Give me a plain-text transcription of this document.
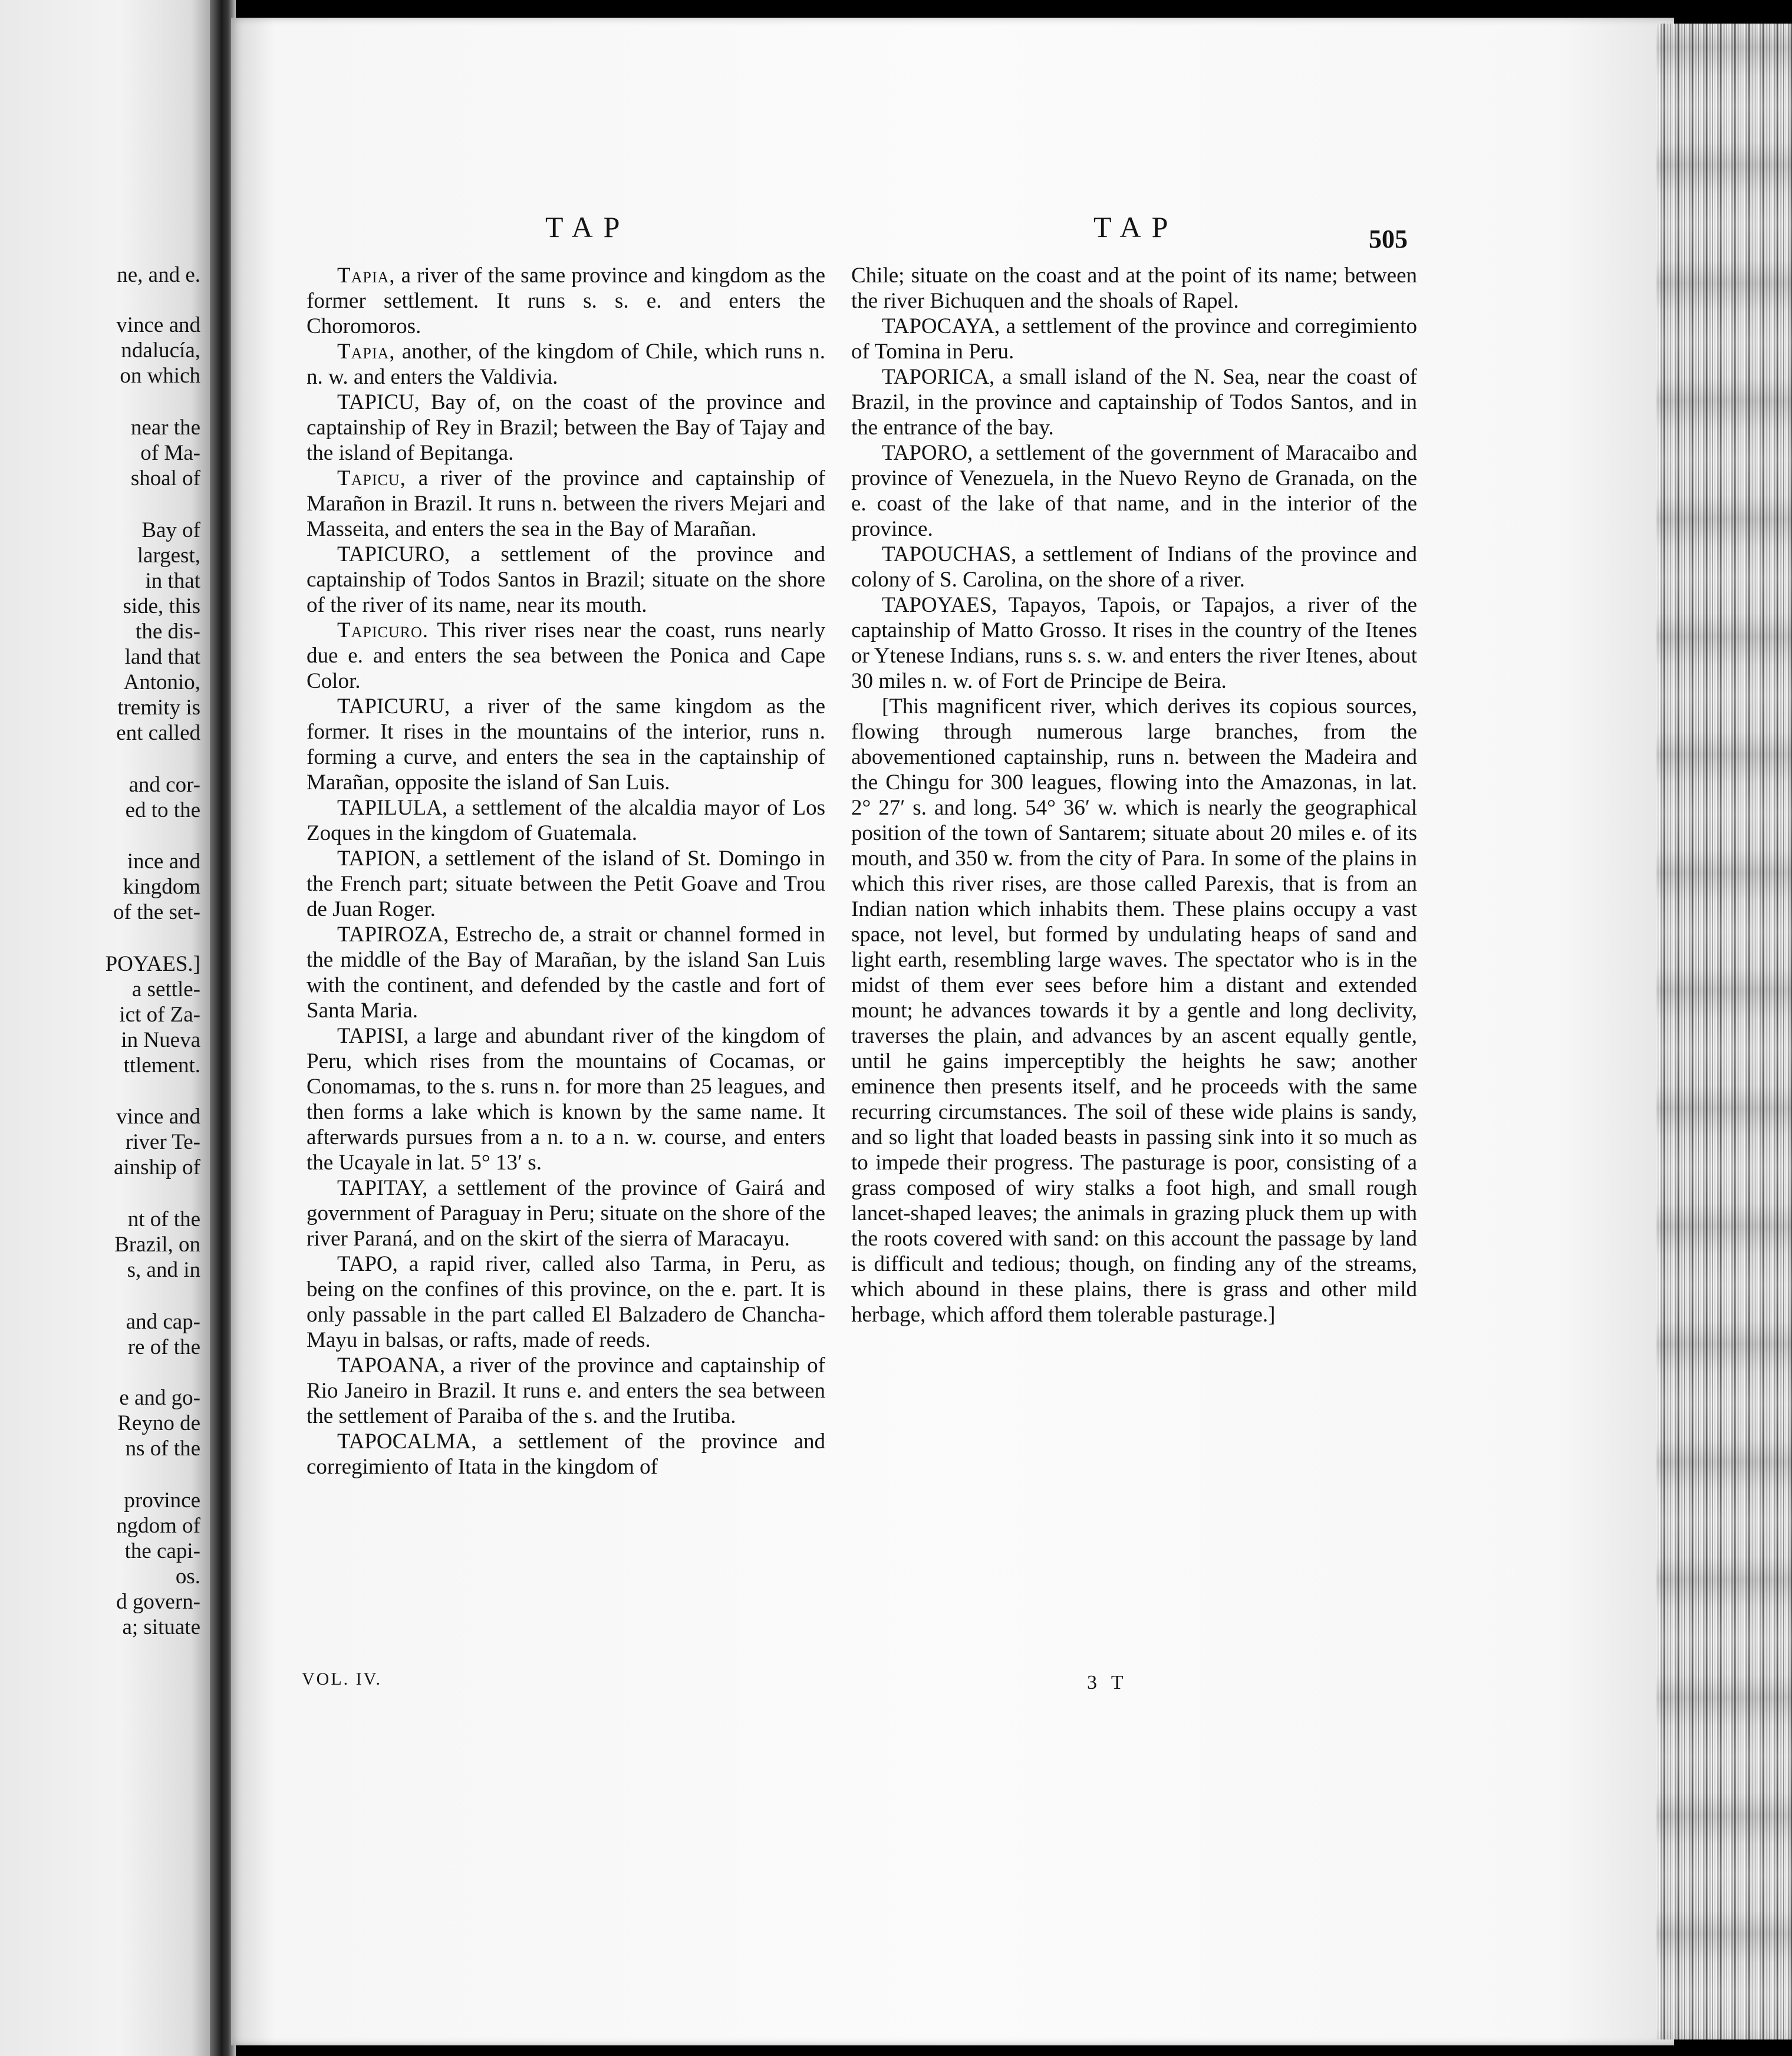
ne, and e.

vince and

ndalucía,

on which

near the

of Ma-

shoal of

Bay of

largest,

in that

side, this

the dis-

land that

Antonio,

tremity is

ent called

and cor-

ed to the

ince and

kingdom

of the set-

POYAES.]

a settle-

ict of Za-

in Nueva

ttlement.

vince and

river Te-

ainship of

nt of the

Brazil, on

s, and in

and cap-

re of the

e and go-

Reyno de

ns of the

province

ngdom of

the capi-

os.

d govern-

a; situate

TAP	TAP	505

Tapia, a river of the same province and kingdom as the former settlement. It runs s. s. e. and enters the Choromoros.

Tapia, another, of the kingdom of Chile, which runs n. n. w. and enters the Valdivia.

TAPICU, Bay of, on the coast of the province and captainship of Rey in Brazil; between the Bay of Tajay and the island of Bepitanga.

Tapicu, a river of the province and captainship of Marañon in Brazil. It runs n. between the rivers Mejari and Masseita, and enters the sea in the Bay of Marañan.

TAPICURO, a settlement of the province and captainship of Todos Santos in Brazil; situate on the shore of the river of its name, near its mouth.

Tapicuro. This river rises near the coast, runs nearly due e. and enters the sea between the Ponica and Cape Color.

TAPICURU, a river of the same kingdom as the former. It rises in the mountains of the interior, runs n. forming a curve, and enters the sea in the captainship of Marañan, opposite the island of San Luis.

TAPILULA, a settlement of the alcaldia mayor of Los Zoques in the kingdom of Guatemala.

TAPION, a settlement of the island of St. Domingo in the French part; situate between the Petit Goave and Trou de Juan Roger.

TAPIROZA, Estrecho de, a strait or channel formed in the middle of the Bay of Marañan, by the island San Luis with the continent, and defended by the castle and fort of Santa Maria.

TAPISI, a large and abundant river of the kingdom of Peru, which rises from the mountains of Cocamas, or Conomamas, to the s. runs n. for more than 25 leagues, and then forms a lake which is known by the same name. It afterwards pursues from a n. to a n. w. course, and enters the Ucayale in lat. 5° 13′ s.

TAPITAY, a settlement of the province of Gairá and government of Paraguay in Peru; situate on the shore of the river Paraná, and on the skirt of the sierra of Maracayu.

TAPO, a rapid river, called also Tarma, in Peru, as being on the confines of this province, on the e. part. It is only passable in the part called El Balzadero de Chancha-Mayu in balsas, or rafts, made of reeds.

TAPOANA, a river of the province and captainship of Rio Janeiro in Brazil. It runs e. and enters the sea between the settlement of Paraiba of the s. and the Irutiba.

TAPOCALMA, a settlement of the province and corregimiento of Itata in the kingdom of

Chile; situate on the coast and at the point of its name; between the river Bichuquen and the shoals of Rapel.

TAPOCAYA, a settlement of the province and corregimiento of Tomina in Peru.

TAPORICA, a small island of the N. Sea, near the coast of Brazil, in the province and captainship of Todos Santos, and in the entrance of the bay.

TAPORO, a settlement of the government of Maracaibo and province of Venezuela, in the Nuevo Reyno de Granada, on the e. coast of the lake of that name, and in the interior of the province.

TAPOUCHAS, a settlement of Indians of the province and colony of S. Carolina, on the shore of a river.

TAPOYAES, Tapayos, Tapois, or Tapajos, a river of the captainship of Matto Grosso. It rises in the country of the Itenes or Ytenese Indians, runs s. s. w. and enters the river Itenes, about 30 miles n. w. of Fort de Principe de Beira.

[This magnificent river, which derives its copious sources, flowing through numerous large branches, from the abovementioned captainship, runs n. between the Madeira and the Chingu for 300 leagues, flowing into the Amazonas, in lat. 2° 27′ s. and long. 54° 36′ w. which is nearly the geographical position of the town of Santarem; situate about 20 miles e. of its mouth, and 350 w. from the city of Para. In some of the plains in which this river rises, are those called Parexis, that is from an Indian nation which inhabits them. These plains occupy a vast space, not level, but formed by undulating heaps of sand and light earth, resembling large waves. The spectator who is in the midst of them ever sees before him a distant and extended mount; he advances towards it by a gentle and long declivity, traverses the plain, and advances by an ascent equally gentle, until he gains imperceptibly the heights he saw; another eminence then presents itself, and he proceeds with the same recurring circumstances. The soil of these wide plains is sandy, and so light that loaded beasts in passing sink into it so much as to impede their progress. The pasturage is poor, consisting of a grass composed of wiry stalks a foot high, and small rough lancet-shaped leaves; the animals in grazing pluck them up with the roots covered with sand: on this account the passage by land is difficult and tedious; though, on finding any of the streams, which abound in these plains, there is grass and other mild herbage, which afford them tolerable pasturage.]

VOL. IV.	3 T
